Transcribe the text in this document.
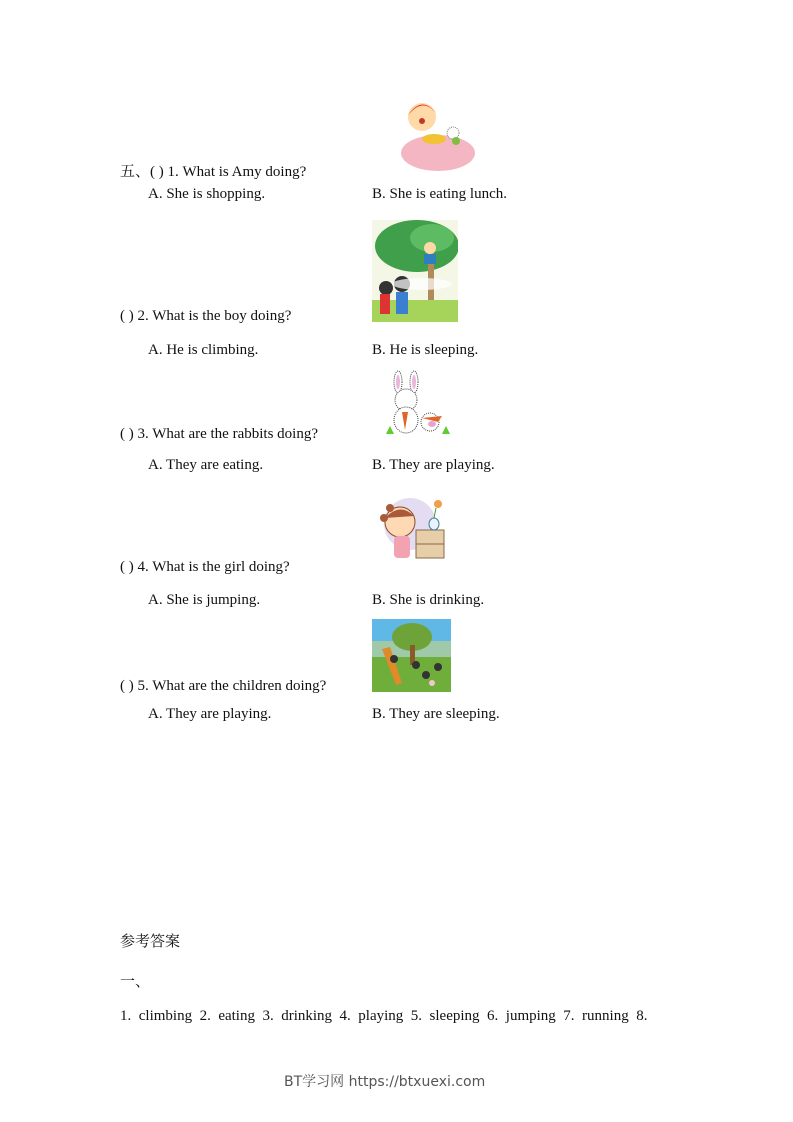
五、( ) 1. What is Amy doing?
A. She is shopping.	B. She is eating lunch.
( ) 2. What is the boy doing?
A. He is climbing.	B. He is sleeping.
( ) 3. What are the rabbits doing?
A. They are eating.	B. They are playing.
( ) 4. What is the girl doing?
A. She is jumping.	B. She is drinking.
( ) 5. What are the children doing?
A. They are playing.	B. They are sleeping.
参考答案
一、
1.  climbing  2.  eating  3.  drinking  4.  playing  5.  sleeping  6.  jumping  7.  running  8.
BT学习网 https://btxuexi.com
